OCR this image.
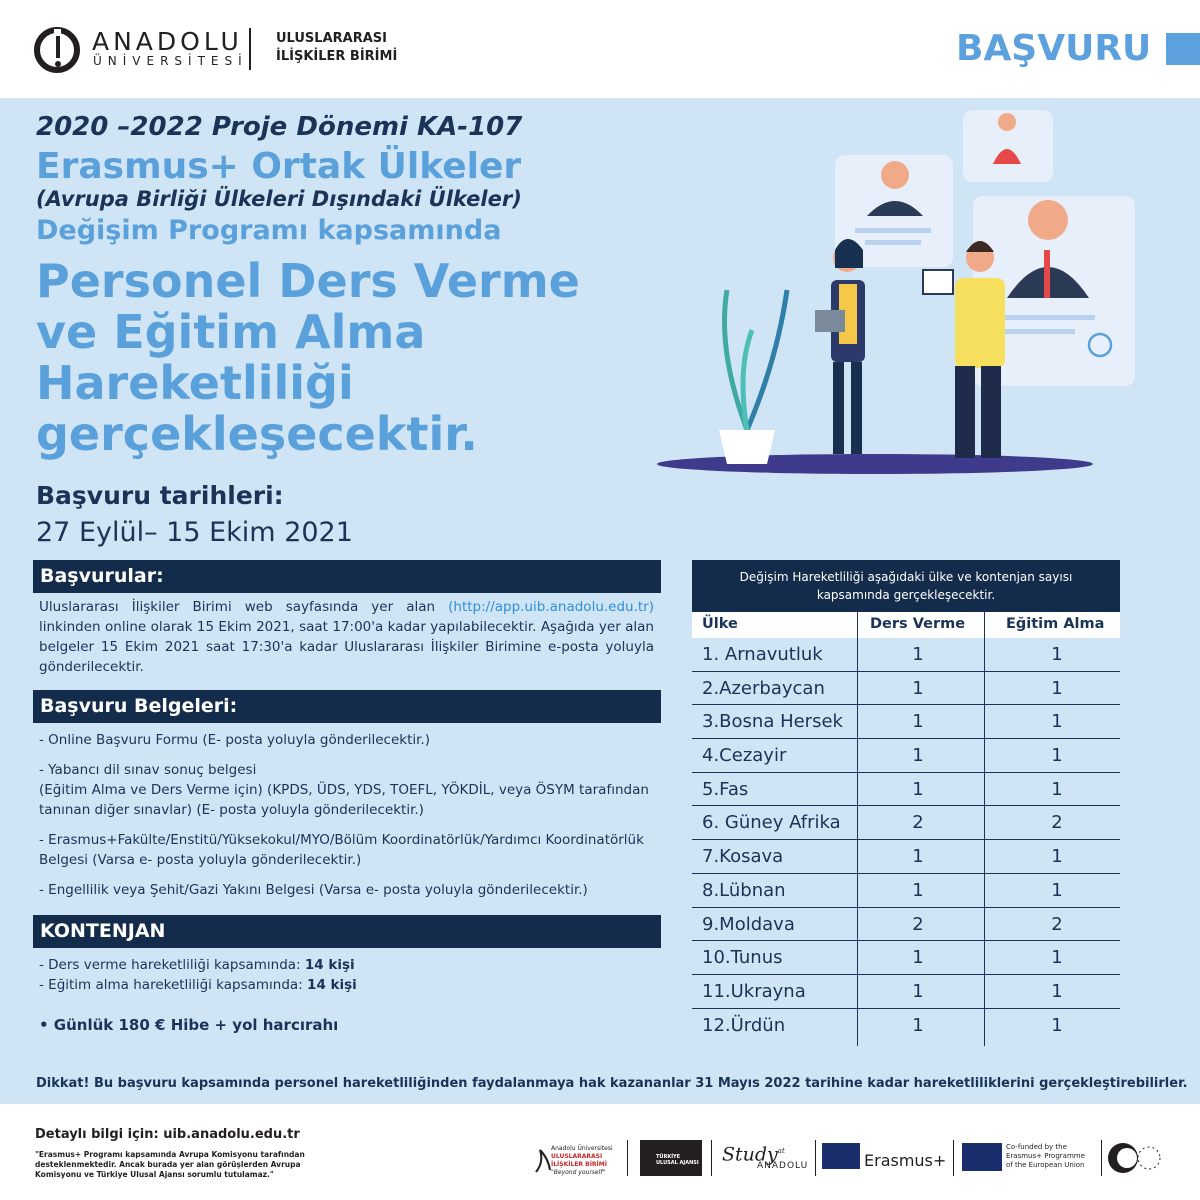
ANADOLU
ÜNİVERSİTESİ
ULUSLARARASI
İLİŞKİLER BİRİMİ	BAŞVURU
2020 –2022 Proje Dönemi KA-107
Erasmus+ Ortak Ülkeler
(Avrupa Birliği Ülkeleri Dışındaki Ülkeler)
Değişim Programı kapsamında
Personel Ders Verme
ve Eğitim Alma
Hareketliliği
gerçekleşecektir.
Başvuru tarihleri:
27 Eylül– 15 Ekim 2021
Başvurular:
Uluslararası İlişkiler Birimi web sayfasında yer alan (http://app.uib.anadolu.edu.tr) linkinden online olarak 15 Ekim 2021, saat 17:00'a kadar yapılabilecektir. Aşağıda yer alan belgeler 15 Ekim 2021 saat 17:30'a kadar Uluslararası İlişkiler Birimine e-posta yoluyla gönderilecektir.
Başvuru Belgeleri:
- Online Başvuru Formu (E- posta yoluyla gönderilecektir.)
- Yabancı dil sınav sonuç belgesi
(Eğitim Alma ve Ders Verme için) (KPDS, ÜDS, YDS, TOEFL, YÖKDİL, veya ÖSYM tarafından tanınan diğer sınavlar) (E- posta yoluyla gönderilecektir.)
- Erasmus+Fakülte/Enstitü/Yüksekokul/MYO/Bölüm Koordinatörlük/Yardımcı Koordinatörlük Belgesi (Varsa e- posta yoluyla gönderilecektir.)
- Engellilik veya Şehit/Gazi Yakını Belgesi (Varsa e- posta yoluyla gönderilecektir.)
KONTENJAN
- Ders verme hareketliliği kapsamında: 14 kişi
- Eğitim alma hareketliliği kapsamında: 14 kişi
• Günlük 180 € Hibe + yol harcırahı
Değişim Hareketliliği aşağıdaki ülke ve kontenjan sayısı kapsamında gerçekleşecektir.
Ülke	Ders Verme	Eğitim Alma
1. Arnavutluk	1	1
2.Azerbaycan	1	1
3.Bosna Hersek	1	1
4.Cezayir	1	1
5.Fas	1	1
6. Güney Afrika	2	2
7.Kosava	1	1
8.Lübnan	1	1
9.Moldava	2	2
10.Tunus	1	1
11.Ukrayna	1	1
12.Ürdün	1	1
Dikkat! Bu başvuru kapsamında personel hareketliliğinden faydalanmaya hak kazananlar 31 Mayıs 2022 tarihine kadar hareketliliklerini gerçekleştirebilirler.
Detaylı bilgi için: uib.anadolu.edu.tr
"Erasmus+ Programı kapsamında Avrupa Komisyonu tarafından desteklenmektedir. Ancak burada yer alan görüşlerden Avrupa Komisyonu ve Türkiye Ulusal Ajansı sorumlu tutulamaz."
Anadolu Üniversitesi
ULUSLARARASI İLİŞKİLER BİRİMİ
"Beyond yourself"
TÜRKİYE ULUSAL AJANSI Study$^{at}$
ANADOLU	Erasmus+
Co-funded by the
Erasmus+ Programme
of the European Union
